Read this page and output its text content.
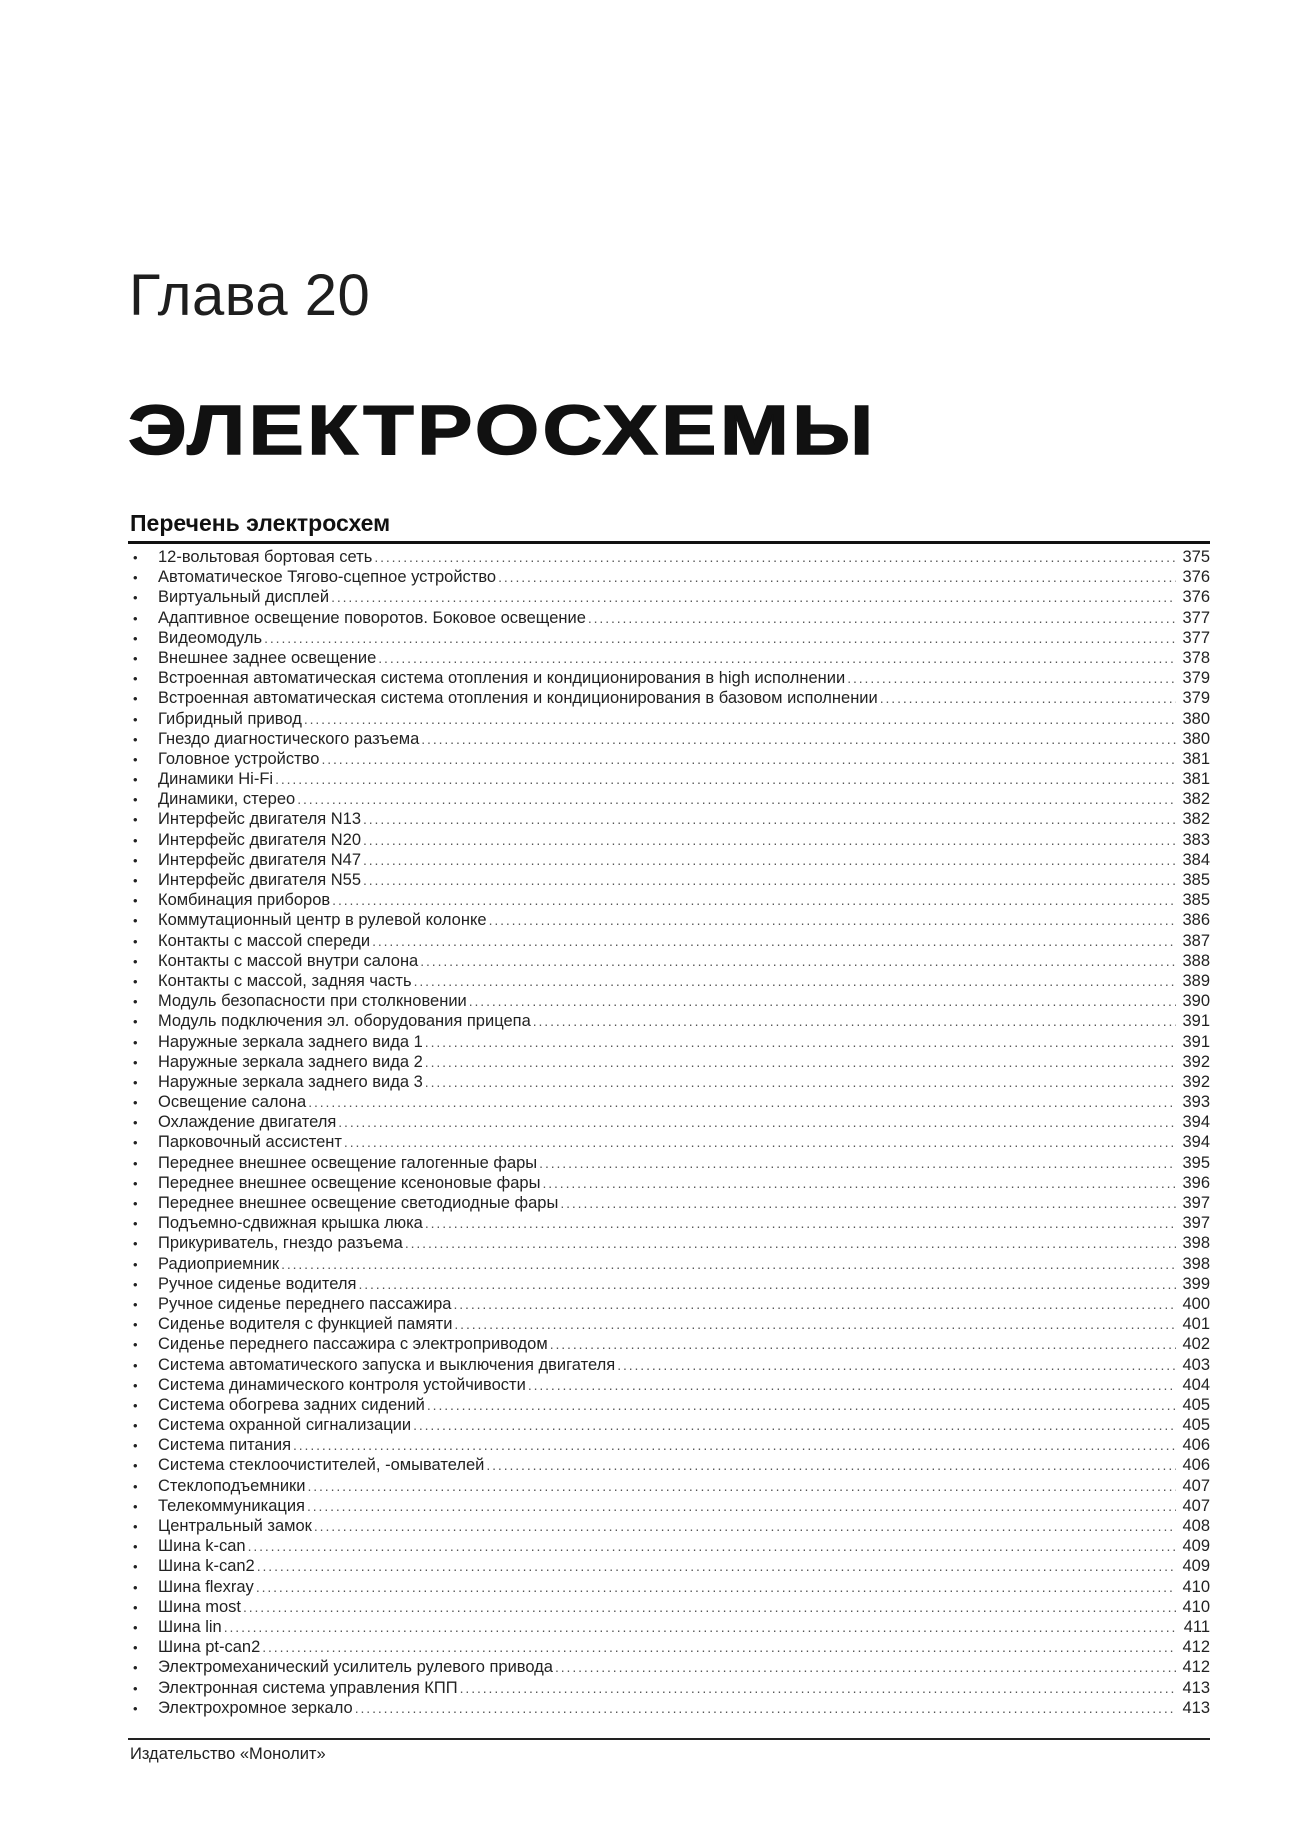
Глава 20
ЭЛЕКТРОСХЕМЫ
Перечень электросхем
•	12-вольтовая бортовая сеть . . .	375
•	Автоматическое Тягово-сцепное устройство . . .	376
•	Виртуальный дисплей . . .	376
•	Адаптивное освещение поворотов. Боковое освещение . . .	377
•	Видеомодуль . . .	377
•	Внешнее заднее освещение . . .	378
•	Встроенная автоматическая система отопления и кондиционирования в high исполнении . . .	379
•	Встроенная автоматическая система отопления и кондиционирования в базовом исполнении . . .	379
•	Гибридный привод . . .	380
•	Гнездо диагностического разъема . . .	380
•	Головное устройство . . .	381
•	Динамики Hi-Fi . . .	381
•	Динамики, стерео . . .	382
•	Интерфейс двигателя N13 . . .	382
•	Интерфейс двигателя N20 . . .	383
•	Интерфейс двигателя N47 . . .	384
•	Интерфейс двигателя N55 . . .	385
•	Комбинация приборов . . .	385
•	Коммутационный центр в рулевой колонке . . .	386
•	Контакты с массой спереди . . .	387
•	Контакты с массой внутри салона . . .	388
•	Контакты с массой, задняя часть . . .	389
•	Модуль безопасности при столкновении . . .	390
•	Модуль подключения эл. оборудования прицепа . . .	391
•	Наружные зеркала заднего вида 1 . . .	391
•	Наружные зеркала заднего вида 2 . . .	392
•	Наружные зеркала заднего вида 3 . . .	392
•	Освещение салона . . .	393
•	Охлаждение двигателя . . .	394
•	Парковочный ассистент . . .	394
•	Переднее внешнее освещение галогенные фары . . .	395
•	Переднее внешнее освещение ксеноновые фары . . .	396
•	Переднее внешнее освещение светодиодные фары . . .	397
•	Подъемно-сдвижная крышка люка . . .	397
•	Прикуриватель, гнездо разъема . . .	398
•	Радиоприемник . . .	398
•	Ручное сиденье водителя . . .	399
•	Ручное сиденье переднего пассажира . . .	400
•	Сиденье водителя с функцией памяти . . .	401
•	Сиденье переднего пассажира с электроприводом . . .	402
•	Система автоматического запуска и выключения двигателя . . .	403
•	Система динамического контроля устойчивости . . .	404
•	Система обогрева задних сидений . . .	405
•	Система охранной сигнализации . . .	405
•	Система питания . . .	406
•	Система стеклоочистителей, -омывателей . . .	406
•	Стеклоподъемники . . .	407
•	Телекоммуникация . . .	407
•	Центральный замок . . .	408
•	Шина k-can . . .	409
•	Шина k-can2 . . .	409
•	Шина flexray . . .	410
•	Шина most . . .	410
•	Шина lin . . .	411
•	Шина pt-can2 . . .	412
•	Электромеханический усилитель рулевого привода . . .	412
•	Электронная система управления КПП . . .	413
•	Электрохромное зеркало . . .	413
Издательство «Монолит»
